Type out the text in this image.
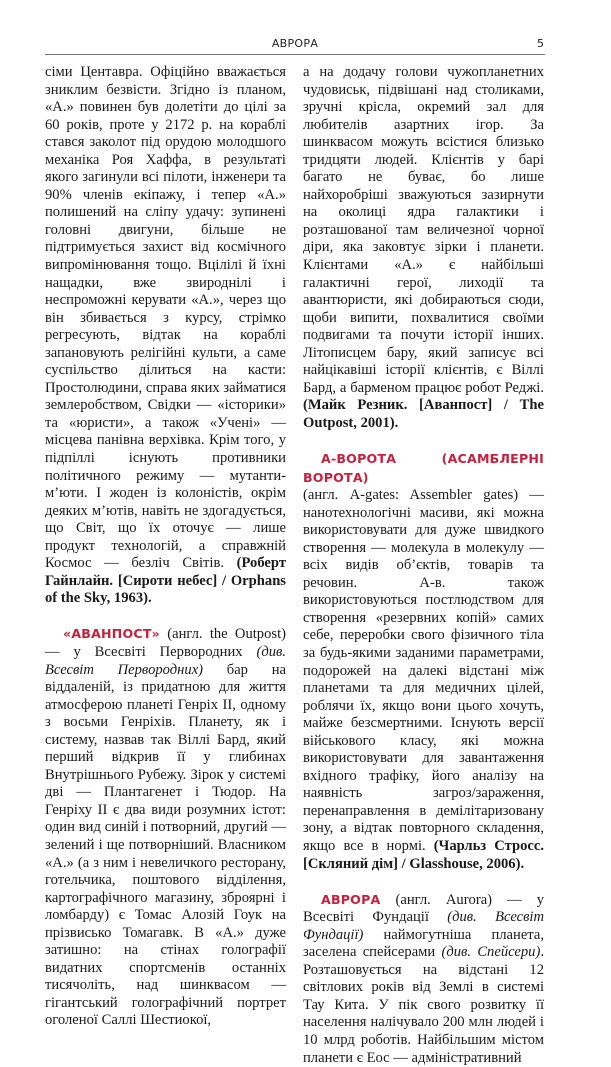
АВРОРА	5

сіми Центавра. Офіційно вважається зниклим безвісти. Згідно із планом, «А.» повинен був долетіти до цілі за 60 років, проте у 2172 р. на кораблі стався заколот під орудою молодшого механіка Роя Хаффа, в результаті якого загинули всі пілоти, інженери та 90% членів екіпажу, і тепер «А.» полишений на сліпу удачу: зупинені головні двигуни, більше не підтримується захист від космічного випромінювання тощо. Вцілілі й їхні нащадки, вже звироднілі і неспроможні керувати «А.», через що він збивається з курсу, стрімко регресують, відтак на кораблі запановують релігійні культи, а саме суспільство ділиться на касти: Простолюдини, справа яких займатися землеробством, Свідки — «історики» та «юристи», а також «Учені» — місцева панівна верхівка. Крім того, у підпіллі існують противники політичного режиму — мутанти-м’юти. І жоден із колоністів, окрім деяких м’ютів, навіть не здогадується, що Світ, що їх оточує — лише продукт технологій, а справжній Космос — безліч Світів. (Роберт Гайнлайн. [Сироти небес] / Orphans of the Sky, 1963).

«АВАНПОСТ» (англ. the Outpost) — у Всесвіті Первородних (див. Всесвіт Первородних) бар на віддаленій, із придатною для життя атмосферою планеті Генріх II, одному з восьми Генріхів. Планету, як і систему, назвав так Віллі Бард, який перший відкрив її у глибинах Внутрішнього Рубежу. Зірок у системі дві — Плантагенет і Тюдор. На Генріху II є два види розумних істот: один вид синій і потворний, другий — зелений і ще потворніший. Власником «А.» (а з ним і невеличкого ресторану, готельчика, поштового відділення, картографічного магазину, зброярні і ломбарду) є Томас Алозій Гоук на прізвисько Томагавк. В «А.» дуже затишно: на стінах голографії видатних спортсменів останніх тисячоліть, над шинквасом — гігантський голографічний портрет оголеної Саллі Шестиокої,

а на додачу голови чужопланетних чудовиськ, підвішані над столиками, зручні крісла, окремий зал для любителів азартних ігор. За шинквасом можуть всістися близько тридцяти людей. Клієнтів у барі багато не буває, бо лише найхоробріші зважуються зазирнути на околиці ядра галактики і розташованої там величезної чорної діри, яка заковтує зірки і планети. Клієнтами «А.» є найбільші галактичні герої, лиходії та авантюристи, які добираються сюди, щоби випити, похвалитися своїми подвигами та почути історії інших. Літописцем бару, який записує всі найцікавіші історії клієнтів, є Віллі Бард, а барменом працює робот Реджі. (Майк Резник. [Аванпост] / The Outpost, 2001).

А-ВОРОТА (АСАМБЛЕРНІ ВОРОТА)
(англ. A-gates: Assembler gates) — нанотехнологічні масиви, які можна використовувати для дуже швидкого створення — молекула в молекулу — всіх видів об’єктів, товарів та речовин. А-в. також використовуються постлюдством для створення «резервних копій» самих себе, переробки свого фізичного тіла за будь-якими заданими параметрами, подорожей на далекі відстані між планетами та для медичних цілей, роблячи їх, якщо вони цього хочуть, майже безсмертними. Існують версії військового класу, які можна використовувати для завантаження вхідного трафіку, його аналізу на наявність загроз/зараження, перенаправлення в демілітаризовану зону, а відтак повторного складення, якщо все в нормі. (Чарльз Стросс. [Скляний дім] / Glasshouse, 2006).

АВРОРА (англ. Aurora) — у Всесвіті Фундації (див. Всесвіт Фундації) наймогутніша планета, заселена спейсерами (див. Спейсери). Розташовується на відстані 12 світлових років від Землі в системі Тау Кита. У пік свого розвитку її населення налічувало 200 млн людей і 10 млрд роботів. Найбільшим містом планети є Еос — адміністративний
